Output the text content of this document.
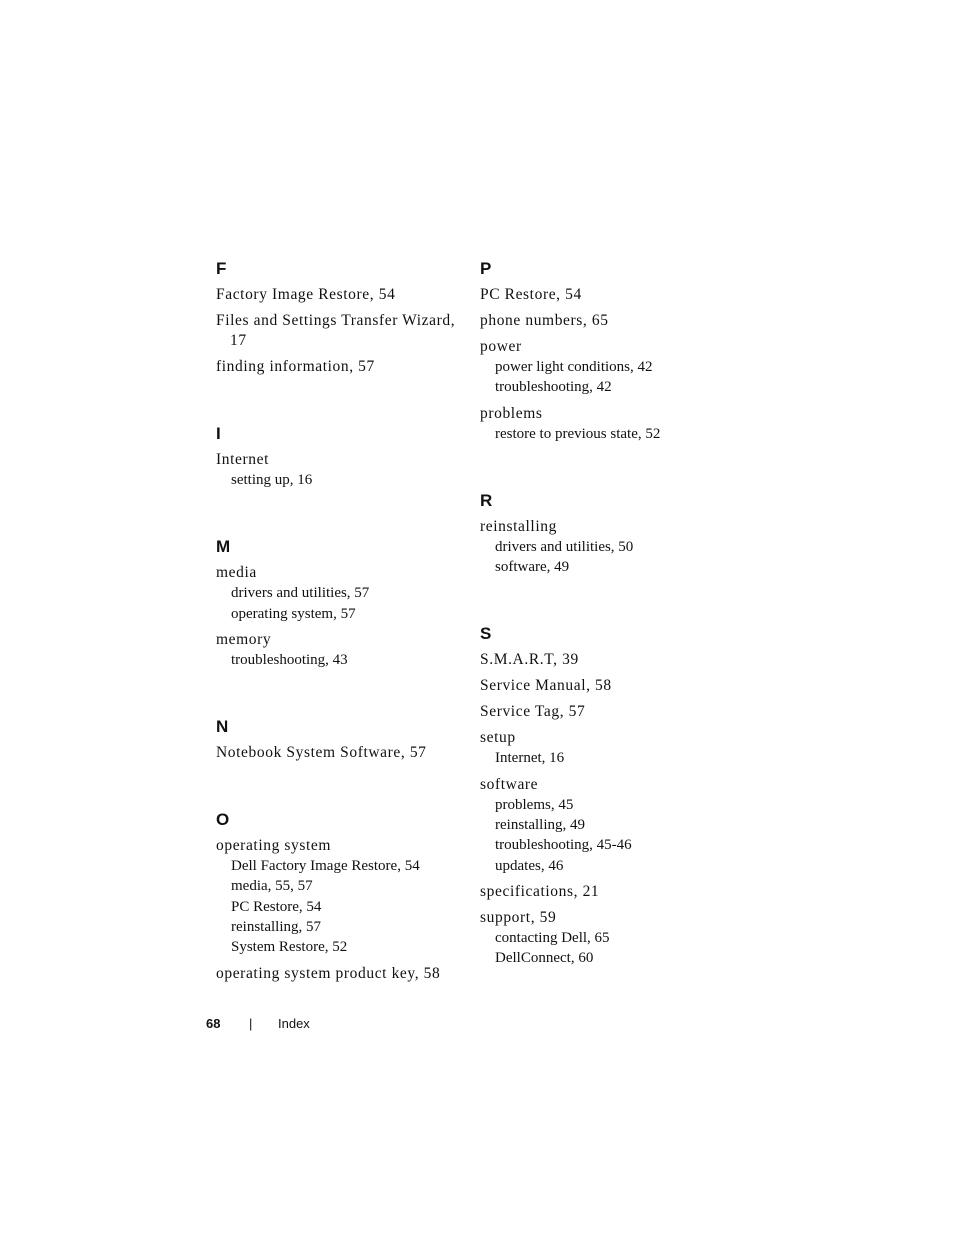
F
Factory Image Restore, 54
Files and Settings Transfer Wizard, 17
finding information, 57
I
Internet
setting up, 16
M
media
drivers and utilities, 57
operating system, 57
memory
troubleshooting, 43
N
Notebook System Software, 57
O
operating system
Dell Factory Image Restore, 54
media, 55, 57
PC Restore, 54
reinstalling, 57
System Restore, 52
operating system product key, 58
P
PC Restore, 54
phone numbers, 65
power
power light conditions, 42
troubleshooting, 42
problems
restore to previous state, 52
R
reinstalling
drivers and utilities, 50
software, 49
S
S.M.A.R.T, 39
Service Manual, 58
Service Tag, 57
setup
Internet, 16
software
problems, 45
reinstalling, 49
troubleshooting, 45-46
updates, 46
specifications, 21
support, 59
contacting Dell, 65
DellConnect, 60
68 | Index
